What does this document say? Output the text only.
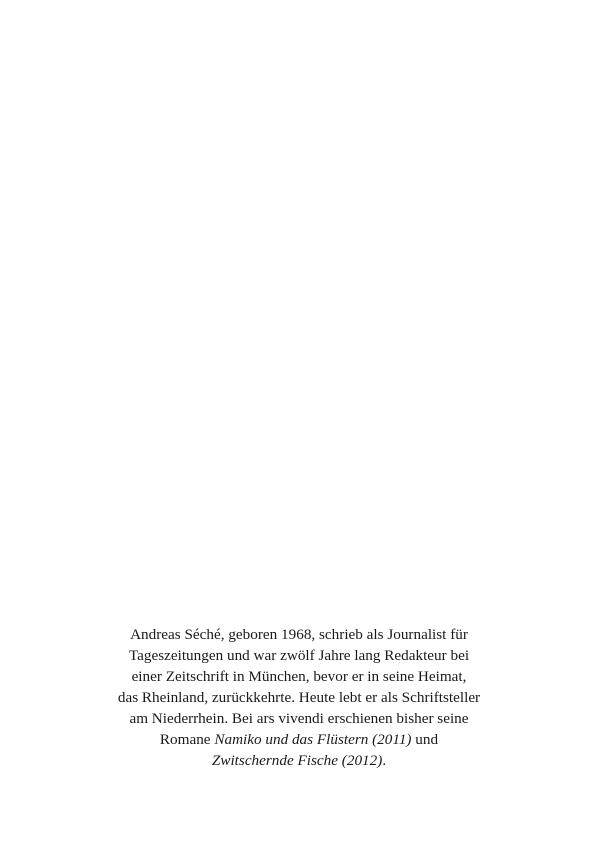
Andreas Séché, geboren 1968, schrieb als Journalist für
Tageszeitungen und war zwölf Jahre lang Redakteur bei
einer Zeitschrift in München, bevor er in seine Heimat,
das Rheinland, zurückkehrte. Heute lebt er als Schriftsteller
am Niederrhein. Bei ars vivendi erschienen bisher seine
Romane Namiko und das Flüstern (2011) und
Zwitschernde Fische (2012).
